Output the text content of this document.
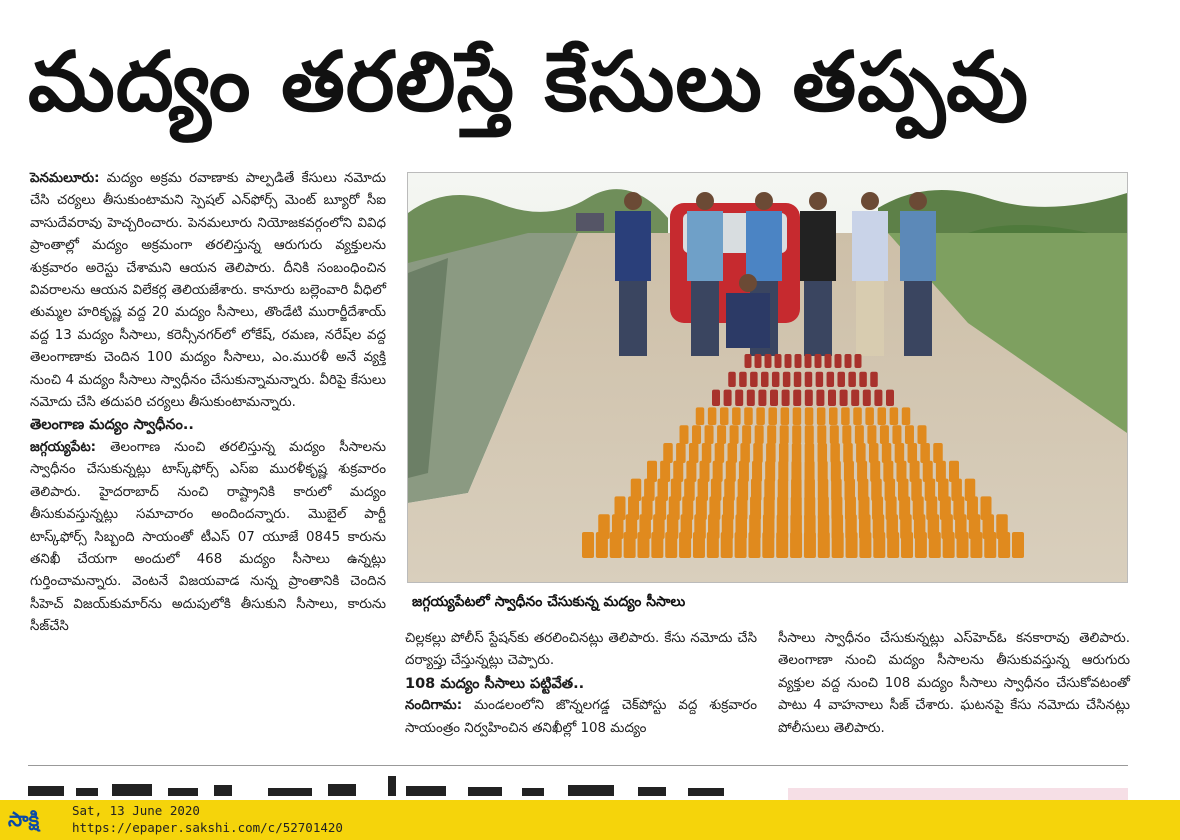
మద్యం తరలిస్తే కేసులు తప్పవు

పెనమలూరు: మద్యం అక్రమ రవాణాకు పాల్పడితే కేసులు నమోదు చేసి చర్యలు తీసుకుంటామని స్పెషల్ ఎన్‌ఫోర్స్ మెంట్ బ్యూరో సీఐ వాసుదేవరావు హెచ్చరించారు. పెనమలూరు నియోజకవర్గంలోని వివిధ ప్రాంతాల్లో మద్యం అక్రమంగా తరలిస్తున్న ఆరుగురు వ్యక్తులను శుక్రవారం అరెస్టు చేశామని ఆయన తెలిపారు. దీనికి సంబంధించిన వివరాలను ఆయన విలేకర్ల తెలియజేశారు. కానూరు బల్లెంవారి వీధిలో తుమ్మల హరికృష్ణ వద్ద 20 మద్యం సీసాలు, తొండేటి మురార్జీదేశాయ్ వద్ద 13 మద్యం సీసాలు, కరెన్సీనగర్‌లో లోకేష్, రమణ, నరేష్‌ల వద్ద తెలంగాణాకు చెందిన 100 మద్యం సీసాలు, ఎం.మురళీ అనే వ్యక్తి నుంచి 4 మద్యం సీసాలు స్వాధీనం చేసుకున్నామన్నారు. వీరిపై కేసులు నమోదు చేసి తదుపరి చర్యలు తీసుకుంటామన్నారు.

తెలంగాణ మద్యం స్వాధీనం..

జగ్గయ్యపేట: తెలంగాణ నుంచి తరలిస్తున్న మద్యం సీసాలను స్వాధీనం చేసుకున్నట్లు టాస్క్‌ఫోర్స్ ఎస్ఐ మురళీకృష్ణ శుక్రవారం తెలిపారు. హైదరాబాద్ నుంచి రాష్ట్రానికి కారులో మద్యం తీసుకువస్తున్నట్లు సమాచారం అందిందన్నారు. మొబైల్ పార్టీ టాస్క్‌ఫోర్స్ సిబ్బంది సాయంతో టీఎస్ 07 యూజే 0845 కారును తనిఖీ చేయగా అందులో 468 మద్యం సీసాలు ఉన్నట్లు గుర్తించామన్నారు. వెంటనే విజయవాడ నున్న ప్రాంతానికి చెందిన సీహెచ్ విజయ్‌కుమార్‌ను అదుపులోకి తీసుకుని సీసాలు, కారును సీజ్‌చేసి

జగ్గయ్యపేటలో స్వాధీనం చేసుకున్న మద్యం సీసాలు

చిల్లకల్లు పోలీస్ స్టేషన్‌కు తరలించినట్లు తెలిపారు. కేసు నమోదు చేసి దర్యాప్తు చేస్తున్నట్లు చెప్పారు.

108 మద్యం సీసాలు పట్టివేత..

నందిగామ: మండలంలోని జొన్నలగడ్డ చెక్‌పోస్టు వద్ద శుక్రవారం సాయంత్రం నిర్వహించిన తనిఖీల్లో 108 మద్యం

సీసాలు స్వాధీనం చేసుకున్నట్లు ఎస్‌హెచ్‌ఓ కనకారావు తెలిపారు. తెలంగాణా నుంచి మద్యం సీసాలను తీసుకువస్తున్న ఆరుగురు వ్యక్తుల వద్ద నుంచి 108 మద్యం సీసాలు స్వాధీనం చేసుకోవటంతో పాటు 4 వాహనాలు సీజ్ చేశారు. ఘటనపై కేసు నమోదు చేసినట్లు పోలీసులు తెలిపారు.

సాక్షి	Sat, 13 June 2020
https://epaper.sakshi.com/c/52701420
